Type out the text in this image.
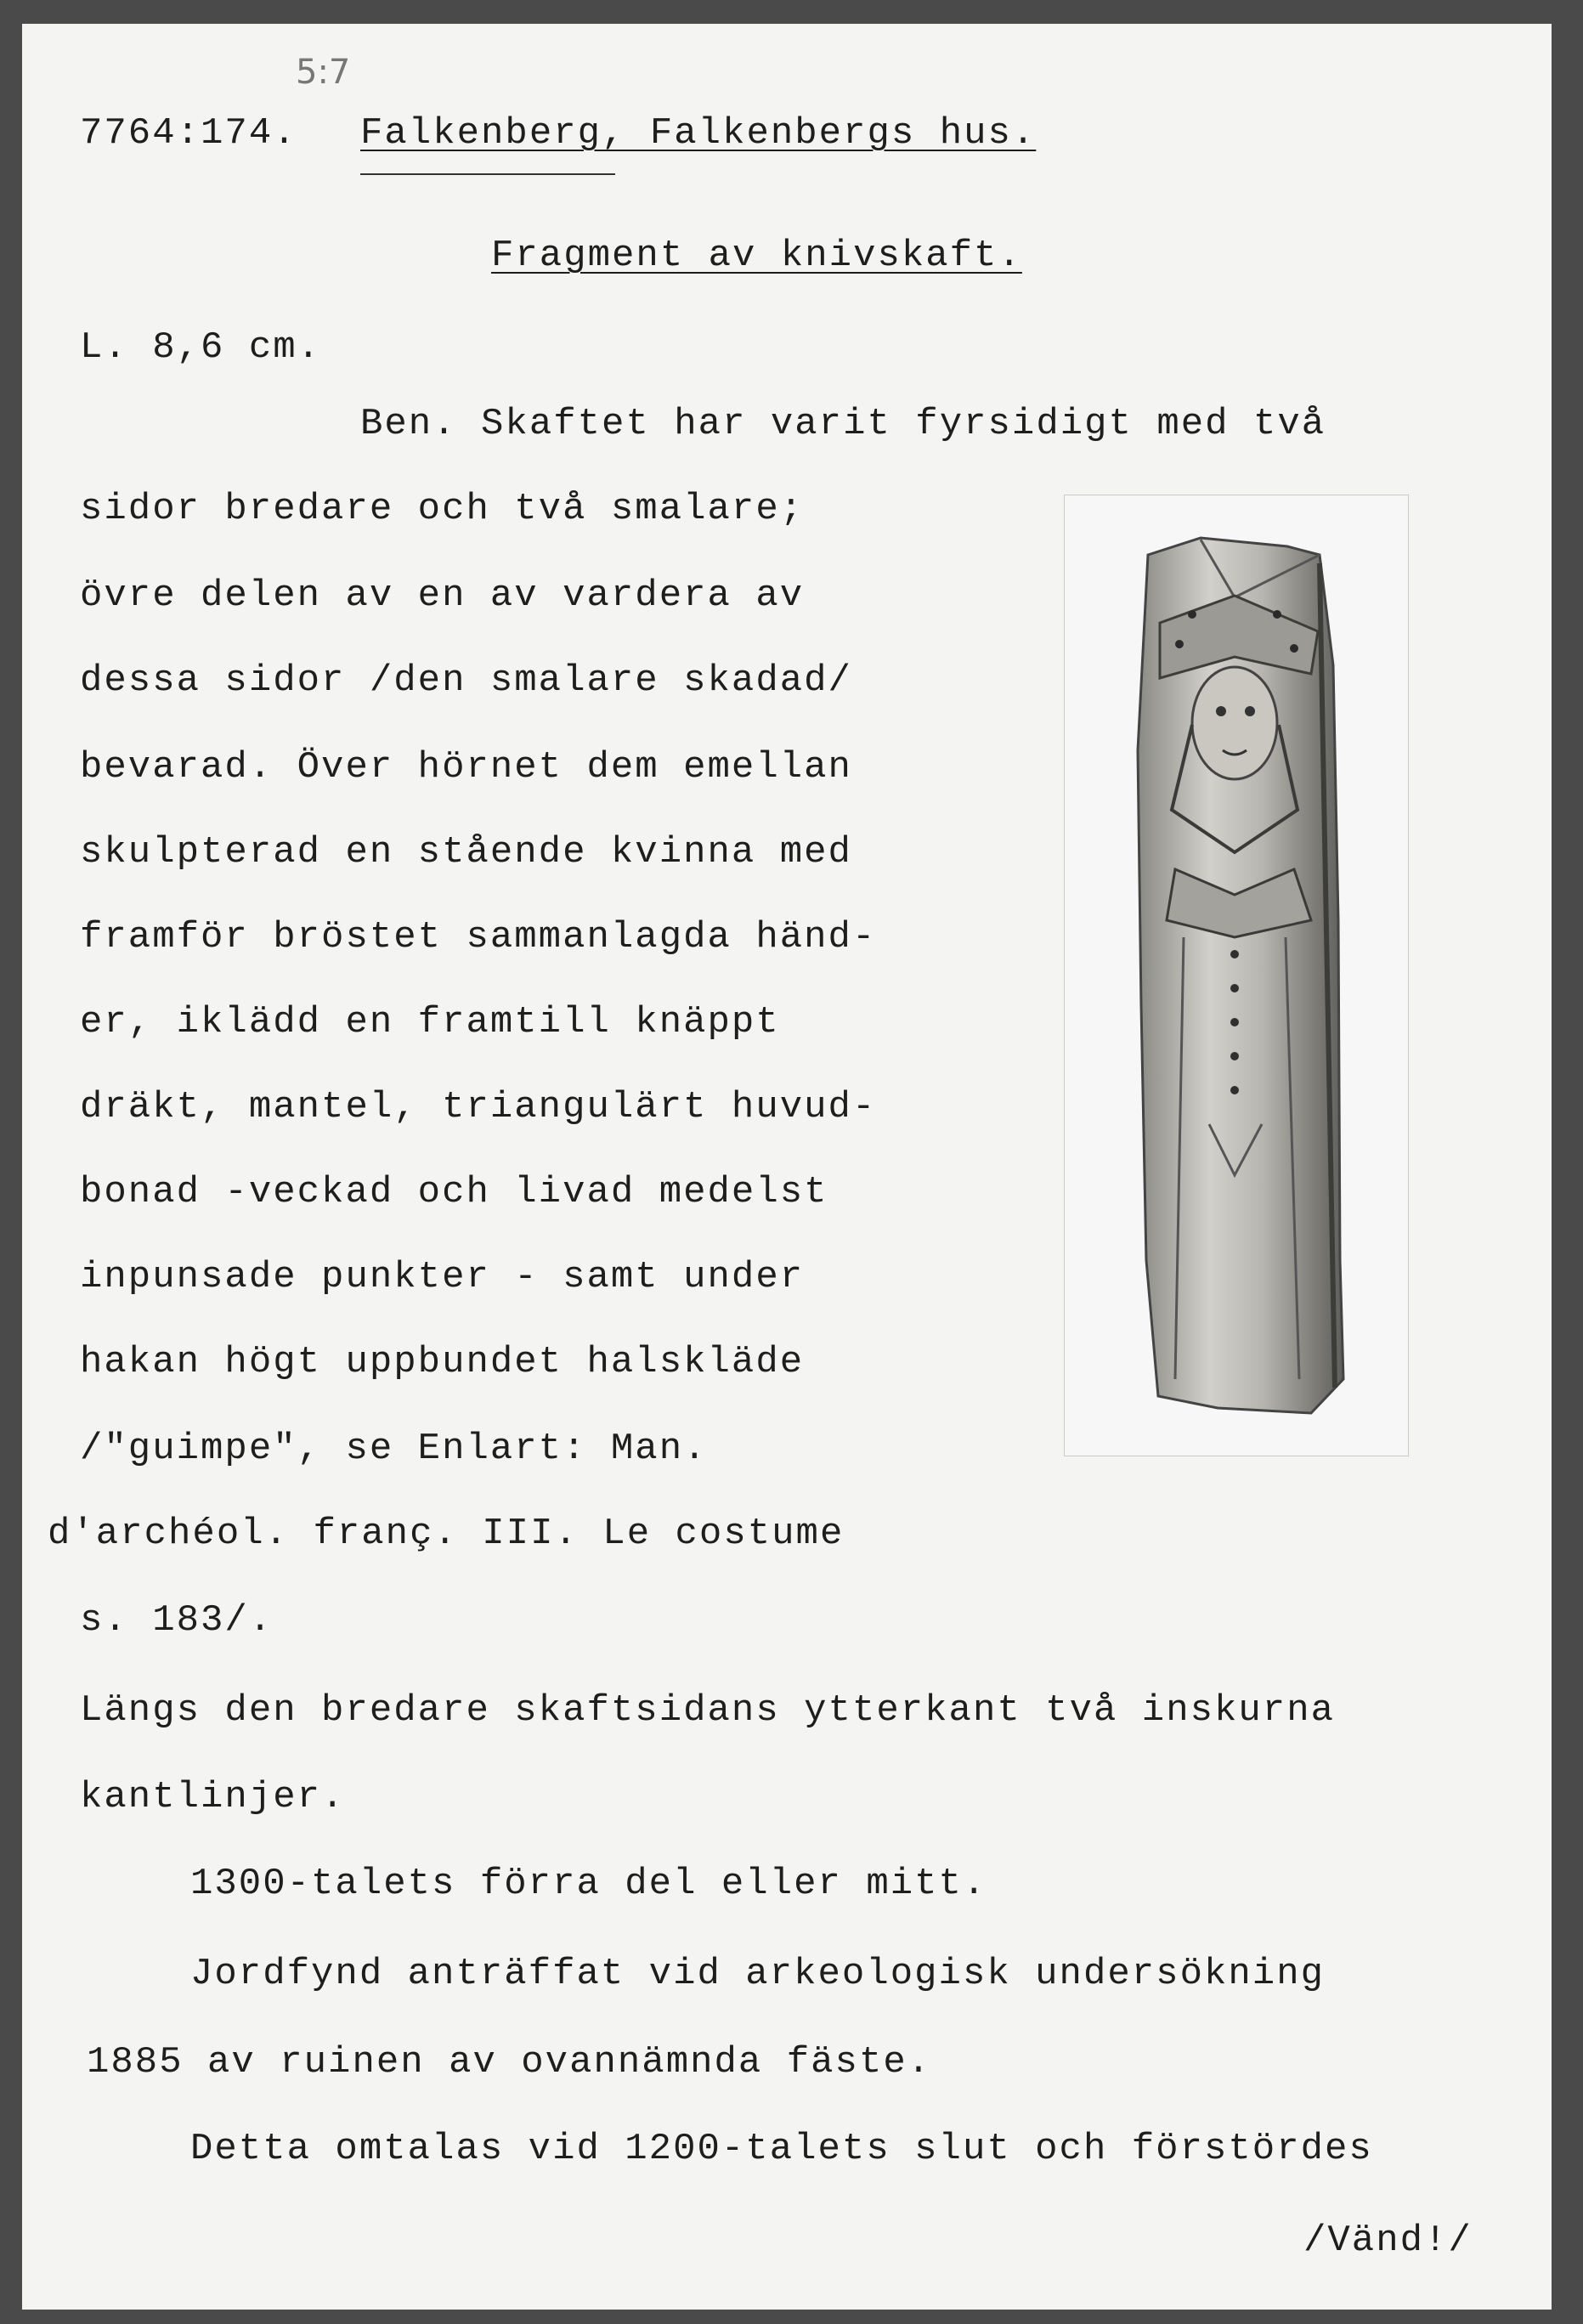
5:7
7764:174. Falkenberg, Falkenbergs hus.
Fragment av knivskaft.
L. 8,6 cm.
Ben. Skaftet har varit fyrsidigt med två
sidor bredare och två smalare;
övre delen av en av vardera av
dessa sidor /den smalare skadad/
bevarad. Över hörnet dem emellan
skulpterad en stående kvinna med
framför bröstet sammanlagda händ-
er, iklädd en framtill knäppt
dräkt, mantel, triangulärt huvud-
bonad -veckad och livad medelst
inpunsade punkter - samt under
hakan högt uppbundet halskläde
/"guimpe", se Enlart: Man.
d'archéol. franç. III. Le costume
s. 183/.
Längs den bredare skaftsidans ytterkant två inskurna
kantlinjer.
1300-talets förra del eller mitt.
Jordfynd anträffat vid arkeologisk undersökning
1885 av ruinen av ovannämnda fäste.
Detta omtalas vid 1200-talets slut och förstördes
/Vänd!/
